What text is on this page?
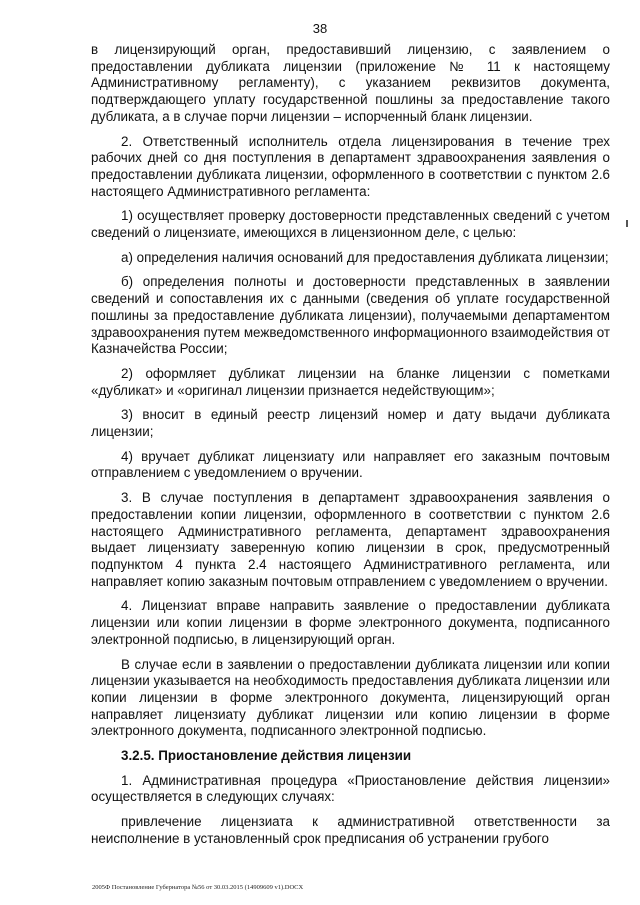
38

в лицензирующий орган, предоставивший лицензию, с заявлением о предоставлении дубликата лицензии (приложение № 11 к настоящему Административному регламенту), с указанием реквизитов документа, подтверждающего уплату государственной пошлины за предоставление такого дубликата, а в случае порчи лицензии – испорченный бланк лицензии.

2. Ответственный исполнитель отдела лицензирования в течение трех рабочих дней со дня поступления в департамент здравоохранения заявления о предоставлении дубликата лицензии, оформленного в соответствии с пунктом 2.6 настоящего Административного регламента:

1) осуществляет проверку достоверности представленных сведений с учетом сведений о лицензиате, имеющихся в лицензионном деле, с целью:

а) определения наличия оснований для предоставления дубликата лицензии;

б) определения полноты и достоверности представленных в заявлении сведений и сопоставления их с данными (сведения об уплате государственной пошлины за предоставление дубликата лицензии), получаемыми департаментом здравоохранения путем межведомственного информационного взаимодействия от Казначейства России;

2) оформляет дубликат лицензии на бланке лицензии с пометками «дубликат» и «оригинал лицензии признается недействующим»;

3) вносит в единый реестр лицензий номер и дату выдачи дубликата лицензии;

4) вручает дубликат лицензиату или направляет его заказным почтовым отправлением с уведомлением о вручении.

3. В случае поступления в департамент здравоохранения заявления о предоставлении копии лицензии, оформленного в соответствии с пунктом 2.6 настоящего Административного регламента, департамент здравоохранения выдает лицензиату заверенную копию лицензии в срок, предусмотренный подпунктом 4 пункта 2.4 настоящего Административного регламента, или направляет копию заказным почтовым отправлением с уведомлением о вручении.

4. Лицензиат вправе направить заявление о предоставлении дубликата лицензии или копии лицензии в форме электронного документа, подписанного электронной подписью, в лицензирующий орган.

В случае если в заявлении о предоставлении дубликата лицензии или копии лицензии указывается на необходимость предоставления дубликата лицензии или копии лицензии в форме электронного документа, лицензирующий орган направляет лицензиату дубликат лицензии или копию лицензии в форме электронного документа, подписанного электронной подписью.

3.2.5. Приостановление действия лицензии

1. Административная процедура «Приостановление действия лицензии» осуществляется в следующих случаях:

привлечение лицензиата к административной ответственности за неисполнение в установленный срок предписания об устранении грубого

2005Ф Постановление Губернатора №56 от 30.03.2015 (14909609 v1).DOCX
